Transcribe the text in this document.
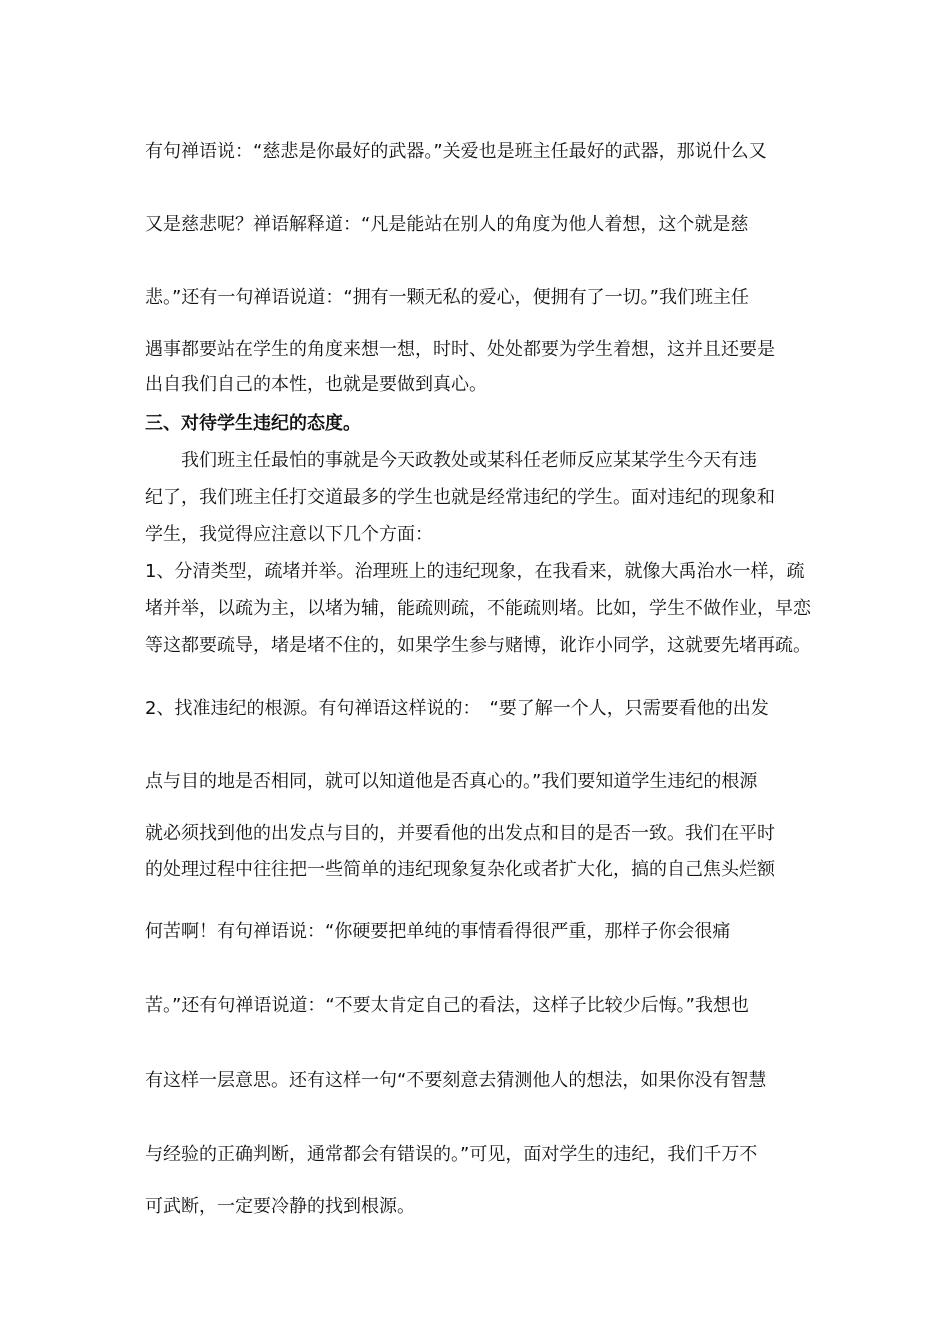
有句禅语说：“慈悲是你最好的武器。”关爱也是班主任最好的武器，那说什么又
又是慈悲呢？禅语解释道：“凡是能站在别人的角度为他人着想，这个就是慈
悲。”还有一句禅语说道：“拥有一颗无私的爱心，便拥有了一切。”我们班主任
遇事都要站在学生的角度来想一想，时时、处处都要为学生着想，这并且还要是
出自我们自己的本性，也就是要做到真心。
三、对待学生违纪的态度。
　　我们班主任最怕的事就是今天政教处或某科任老师反应某某学生今天有违
纪了，我们班主任打交道最多的学生也就是经常违纪的学生。面对违纪的现象和
学生，我觉得应注意以下几个方面：
1、分清类型，疏堵并举。治理班上的违纪现象，在我看来，就像大禹治水一样，疏
堵并举，以疏为主，以堵为辅，能疏则疏，不能疏则堵。比如，学生不做作业，早恋
等这都要疏导，堵是堵不住的，如果学生参与赌博，讹诈小同学，这就要先堵再疏。
2、找准违纪的根源。有句禅语这样说的：　“要了解一个人，只需要看他的出发
点与目的地是否相同，就可以知道他是否真心的。”我们要知道学生违纪的根源
就必须找到他的出发点与目的，并要看他的出发点和目的是否一致。我们在平时
的处理过程中往往把一些简单的违纪现象复杂化或者扩大化，搞的自己焦头烂额
何苦啊！有句禅语说：“你硬要把单纯的事情看得很严重，那样子你会很痛
苦。”还有句禅语说道：“不要太肯定自己的看法，这样子比较少后悔。”我想也
有这样一层意思。还有这样一句“不要刻意去猜测他人的想法，如果你没有智慧
与经验的正确判断，通常都会有错误的。”可见，面对学生的违纪，我们千万不
可武断，一定要冷静的找到根源。
